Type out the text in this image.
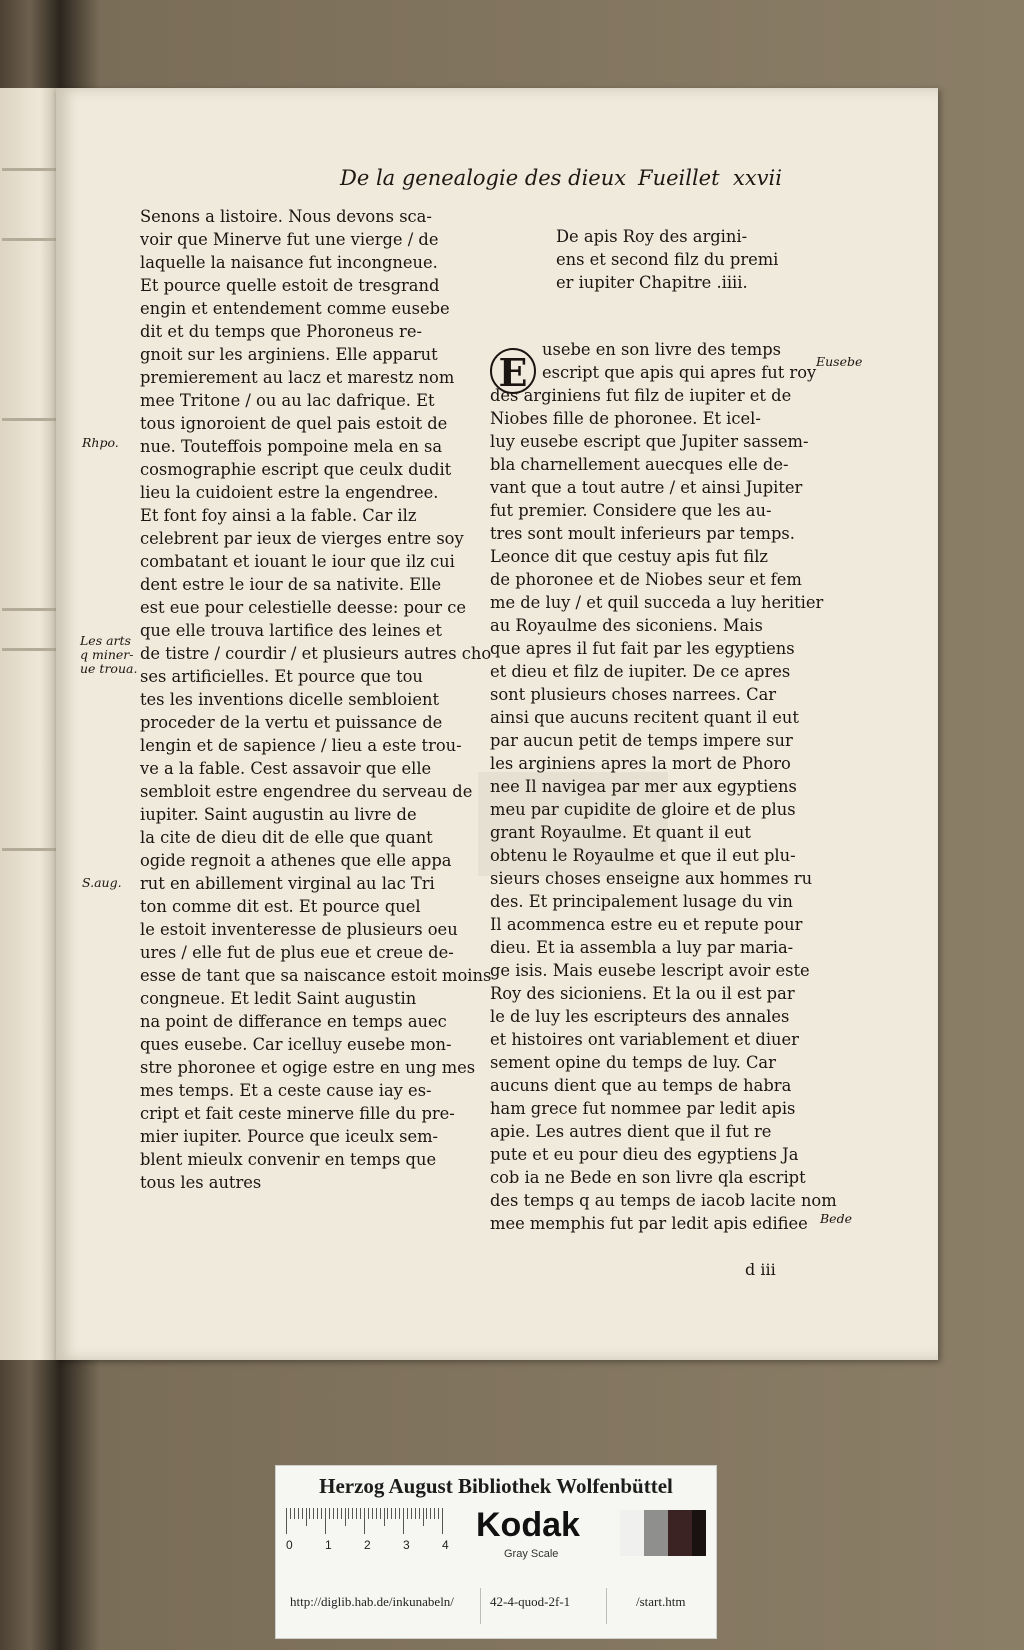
De la genealogie des dieux Fueillet xxvii
Senons a listoire. Nous devons sca-
voir que Minerve fut une vierge / de
laquelle la naisance fut incongneue.
Et pource quelle estoit de tresgrand
engin et entendement comme eusebe
dit et du temps que Phoroneus re-
gnoit sur les arginiens. Elle apparut
premierement au lacz et marestz nom
mee Tritone / ou au lac dafrique. Et
tous ignoroient de quel pais estoit de
nue. Touteffois pompoine mela en sa
cosmographie escript que ceulx dudit
lieu la cuidoient estre la engendree.
Et font foy ainsi a la fable. Car ilz
celebrent par ieux de vierges entre soy
combatant et iouant le iour que ilz cui
dent estre le iour de sa nativite. Elle
est eue pour celestielle deesse: pour ce
que elle trouva lartifice des leines et
de tistre / courdir / et plusieurs autres cho
ses artificielles. Et pource que tou
tes les inventions dicelle sembloient
proceder de la vertu et puissance de
lengin et de sapience / lieu a este trou-
ve a la fable. Cest assavoir que elle
sembloit estre engendree du serveau de
iupiter. Saint augustin au livre de
la cite de dieu dit de elle que quant
ogide regnoit a athenes que elle appa
rut en abillement virginal au lac Tri
ton comme dit est. Et pource quel
le estoit inventeresse de plusieurs oeu
ures / elle fut de plus eue et creue de-
esse de tant que sa naiscance estoit moins
congneue. Et ledit Saint augustin
na point de differance en temps auec
ques eusebe. Car icelluy eusebe mon-
stre phoronee et ogige estre en ung mes
mes temps. Et a ceste cause iay es-
cript et fait ceste minerve fille du pre-
mier iupiter. Pource que iceulx sem-
blent mieulx convenir en temps que
tous les autres
De apis Roy des argini-
ens et second filz du premi
er iupiter Chapitre .iiii.
E
usebe en son livre des temps
escript que apis qui apres fut roy
des arginiens fut filz de iupiter et de
Niobes fille de phoronee. Et icel-
luy eusebe escript que Jupiter sassem-
bla charnellement auecques elle de-
vant que a tout autre / et ainsi Jupiter
fut premier. Considere que les au-
tres sont moult inferieurs par temps.
Leonce dit que cestuy apis fut filz
de phoronee et de Niobes seur et fem
me de luy / et quil succeda a luy heritier
au Royaulme des siconiens. Mais
que apres il fut fait par les egyptiens
et dieu et filz de iupiter. De ce apres
sont plusieurs choses narrees. Car
ainsi que aucuns recitent quant il eut
par aucun petit de temps impere sur
les arginiens apres la mort de Phoro
nee Il navigea par mer aux egyptiens
meu par cupidite de gloire et de plus
grant Royaulme. Et quant il eut
obtenu le Royaulme et que il eut plu-
sieurs choses enseigne aux hommes ru
des. Et principalement lusage du vin
Il acommenca estre eu et repute pour
dieu. Et ia assembla a luy par maria-
ge isis. Mais eusebe lescript avoir este
Roy des sicioniens. Et la ou il est par
le de luy les escripteurs des annales
et histoires ont variablement et diuer
sement opine du temps de luy. Car
aucuns dient que au temps de habra
ham grece fut nommee par ledit apis
apie. Les autres dient que il fut re
pute et eu pour dieu des egyptiens Ja
cob ia ne Bede en son livre qla escript
des temps q au temps de iacob lacite nom
mee memphis fut par ledit apis edifiee
Rhpo.
Les arts
q miner-
ue troua.
S.aug.
Eusebe
Bede
d iii
Herzog August Bibliothek Wolfenbüttel
0	1	2	3	4
Kodak
Gray Scale
http://diglib.hab.de/inkunabeln/	42-4-quod-2f-1	/start.htm
